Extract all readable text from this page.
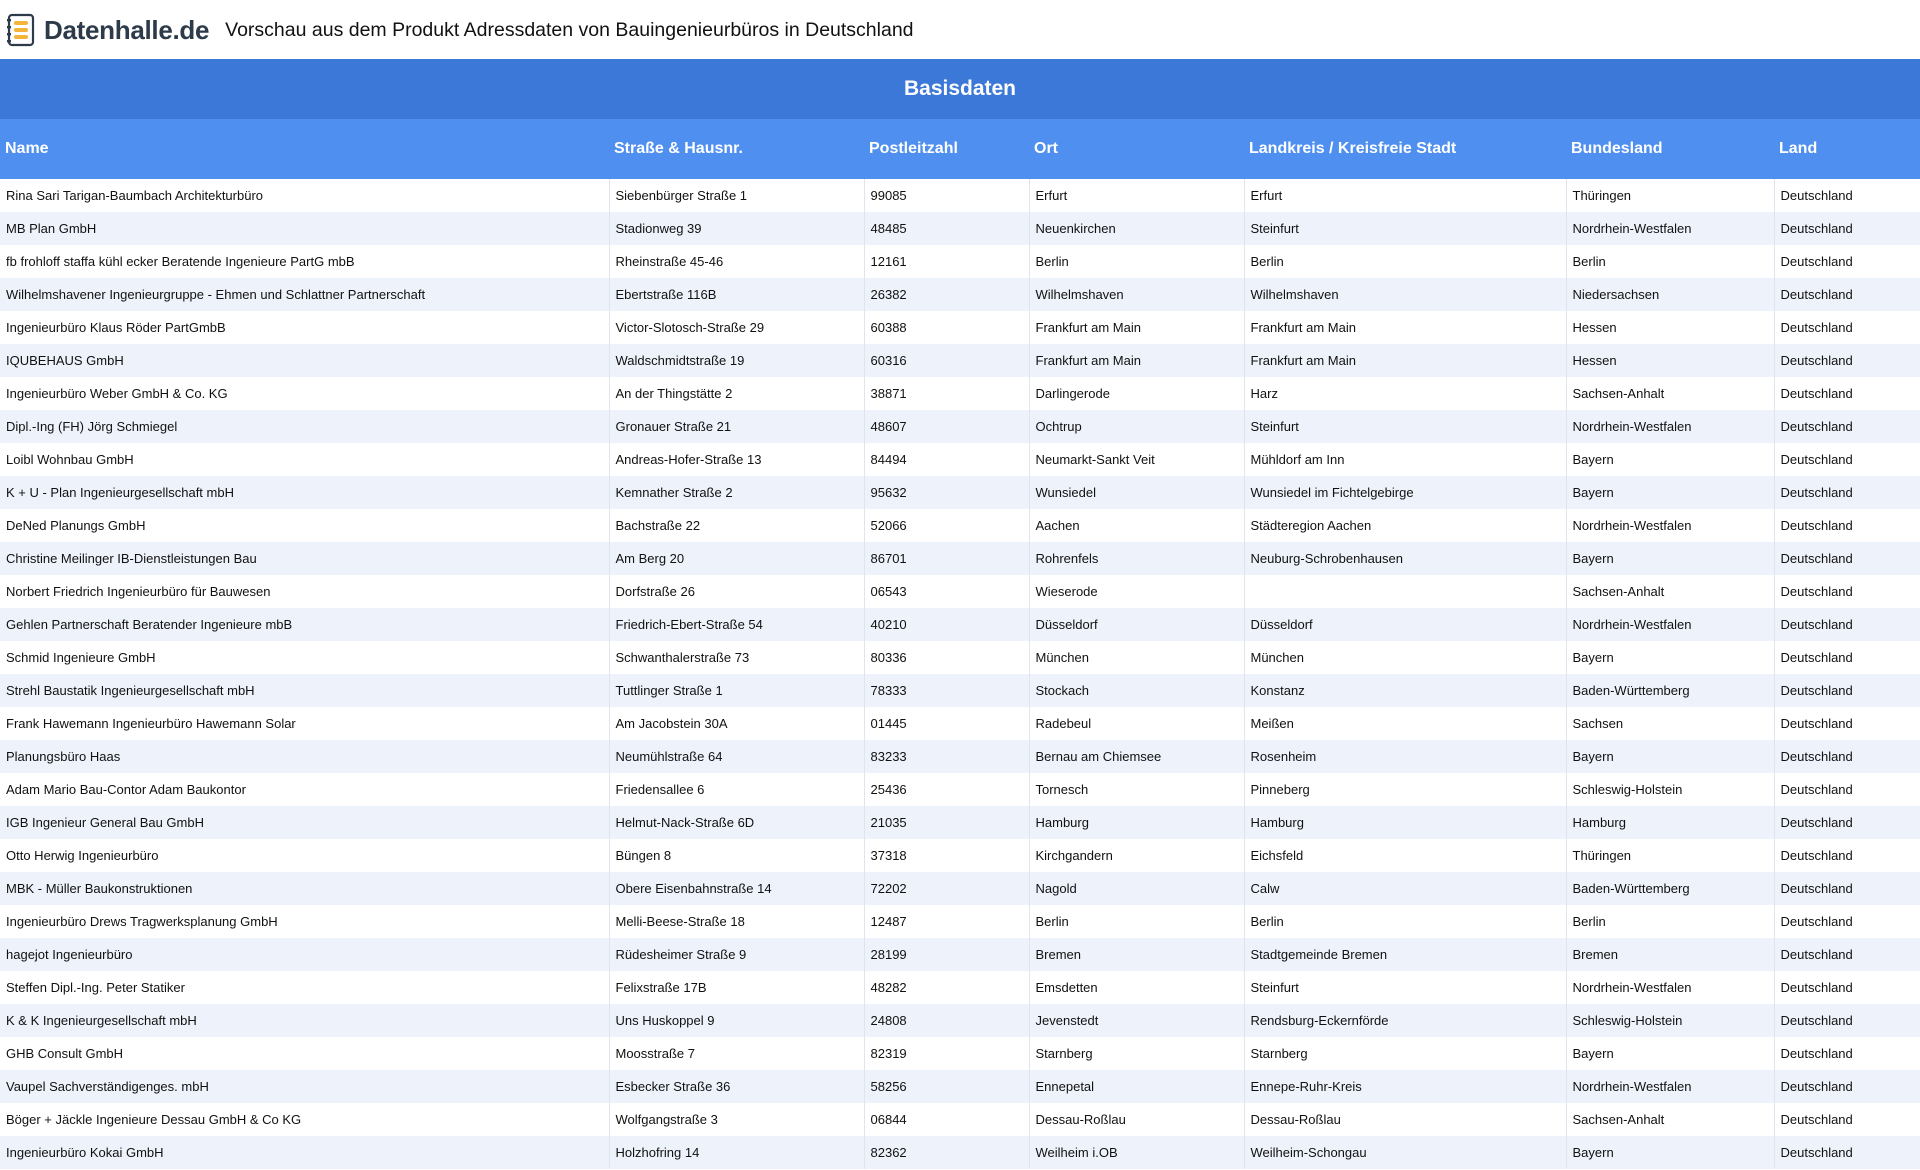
Datenhalle.de Vorschau aus dem Produkt Adressdaten von Bauingenieurbüros in Deutschland
Basisdaten
Name	Straße & Hausnr.	Postleitzahl	Ort	Landkreis / Kreisfreie Stadt	Bundesland	Land
Rina Sari Tarigan-Baumbach Architekturbüro	Siebenbürger Straße 1	99085	Erfurt	Erfurt	Thüringen	Deutschland
MB Plan GmbH	Stadionweg 39	48485	Neuenkirchen	Steinfurt	Nordrhein-Westfalen	Deutschland
fb frohloff staffa kühl ecker Beratende Ingenieure PartG mbB	Rheinstraße 45-46	12161	Berlin	Berlin	Berlin	Deutschland
Wilhelmshavener Ingenieurgruppe - Ehmen und Schlattner Partnerschaft	Ebertstraße 116B	26382	Wilhelmshaven	Wilhelmshaven	Niedersachsen	Deutschland
Ingenieurbüro Klaus Röder PartGmbB	Victor-Slotosch-Straße 29	60388	Frankfurt am Main	Frankfurt am Main	Hessen	Deutschland
IQUBEHAUS GmbH	Waldschmidtstraße 19	60316	Frankfurt am Main	Frankfurt am Main	Hessen	Deutschland
Ingenieurbüro Weber GmbH & Co. KG	An der Thingstätte 2	38871	Darlingerode	Harz	Sachsen-Anhalt	Deutschland
Dipl.-Ing (FH) Jörg Schmiegel	Gronauer Straße 21	48607	Ochtrup	Steinfurt	Nordrhein-Westfalen	Deutschland
Loibl Wohnbau GmbH	Andreas-Hofer-Straße 13	84494	Neumarkt-Sankt Veit	Mühldorf am Inn	Bayern	Deutschland
K + U - Plan Ingenieurgesellschaft mbH	Kemnather Straße 2	95632	Wunsiedel	Wunsiedel im Fichtelgebirge	Bayern	Deutschland
DeNed Planungs GmbH	Bachstraße 22	52066	Aachen	Städteregion Aachen	Nordrhein-Westfalen	Deutschland
Christine Meilinger IB-Dienstleistungen Bau	Am Berg 20	86701	Rohrenfels	Neuburg-Schrobenhausen	Bayern	Deutschland
Norbert Friedrich Ingenieurbüro für Bauwesen	Dorfstraße 26	06543	Wieserode		Sachsen-Anhalt	Deutschland
Gehlen Partnerschaft Beratender Ingenieure mbB	Friedrich-Ebert-Straße 54	40210	Düsseldorf	Düsseldorf	Nordrhein-Westfalen	Deutschland
Schmid Ingenieure GmbH	Schwanthalerstraße 73	80336	München	München	Bayern	Deutschland
Strehl Baustatik Ingenieurgesellschaft mbH	Tuttlinger Straße 1	78333	Stockach	Konstanz	Baden-Württemberg	Deutschland
Frank Hawemann Ingenieurbüro Hawemann Solar	Am Jacobstein 30A	01445	Radebeul	Meißen	Sachsen	Deutschland
Planungsbüro Haas	Neumühlstraße 64	83233	Bernau am Chiemsee	Rosenheim	Bayern	Deutschland
Adam Mario Bau-Contor Adam Baukontor	Friedensallee 6	25436	Tornesch	Pinneberg	Schleswig-Holstein	Deutschland
IGB Ingenieur General Bau GmbH	Helmut-Nack-Straße 6D	21035	Hamburg	Hamburg	Hamburg	Deutschland
Otto Herwig Ingenieurbüro	Büngen 8	37318	Kirchgandern	Eichsfeld	Thüringen	Deutschland
MBK - Müller Baukonstruktionen	Obere Eisenbahnstraße 14	72202	Nagold	Calw	Baden-Württemberg	Deutschland
Ingenieurbüro Drews Tragwerksplanung GmbH	Melli-Beese-Straße 18	12487	Berlin	Berlin	Berlin	Deutschland
hagejot Ingenieurbüro	Rüdesheimer Straße 9	28199	Bremen	Stadtgemeinde Bremen	Bremen	Deutschland
Steffen Dipl.-Ing. Peter Statiker	Felixstraße 17B	48282	Emsdetten	Steinfurt	Nordrhein-Westfalen	Deutschland
K & K Ingenieurgesellschaft mbH	Uns Huskoppel 9	24808	Jevenstedt	Rendsburg-Eckernförde	Schleswig-Holstein	Deutschland
GHB Consult GmbH	Moosstraße 7	82319	Starnberg	Starnberg	Bayern	Deutschland
Vaupel Sachverständigenges. mbH	Esbecker Straße 36	58256	Ennepetal	Ennepe-Ruhr-Kreis	Nordrhein-Westfalen	Deutschland
Böger + Jäckle Ingenieure Dessau GmbH & Co KG	Wolfgangstraße 3	06844	Dessau-Roßlau	Dessau-Roßlau	Sachsen-Anhalt	Deutschland
Ingenieurbüro Kokai GmbH	Holzhofring 14	82362	Weilheim i.OB	Weilheim-Schongau	Bayern	Deutschland
